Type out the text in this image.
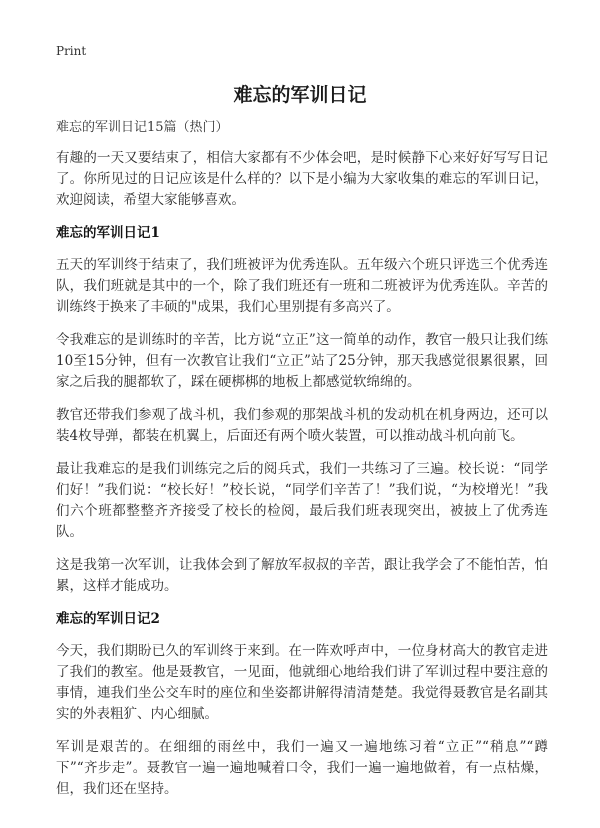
Print
难忘的军训日记
难忘的军训日记15篇（热门）

有趣的一天又要结束了，相信大家都有不少体会吧，是时候静下心来好好写写日记了。你所见过的日记应该是什么样的？以下是小编为大家收集的难忘的军训日记，欢迎阅读，希望大家能够喜欢。

难忘的军训日记1

五天的军训终于结束了，我们班被评为优秀连队。五年级六个班只评选三个优秀连队，我们班就是其中的一个，除了我们班还有一班和二班被评为优秀连队。辛苦的训练终于换来了丰硕的"成果，我们心里别提有多高兴了。

令我难忘的是训练时的辛苦，比方说“立正”这一简单的动作，教官一般只让我们练10至15分钟，但有一次教官让我们“立正”站了25分钟，那天我感觉很累很累，回家之后我的腿都软了，踩在硬梆梆的地板上都感觉软绵绵的。

教官还带我们参观了战斗机，我们参观的那架战斗机的发动机在机身两边，还可以装4枚导弹，都装在机翼上，后面还有两个喷火装置，可以推动战斗机向前飞。

最让我难忘的是我们训练完之后的阅兵式，我们一共练习了三遍。校长说：“同学们好！”我们说：“校长好！”校长说，“同学们辛苦了！”我们说，“为校增光！”我们六个班都整整齐齐接受了校长的检阅，最后我们班表现突出，被披上了优秀连队。

这是我第一次军训，让我体会到了解放军叔叔的辛苦，跟让我学会了不能怕苦，怕累，这样才能成功。

难忘的军训日记2

今天，我们期盼已久的军训终于来到。在一阵欢呼声中，一位身材高大的教官走进了我们的教室。他是聂教官，一见面，他就细心地给我们讲了军训过程中要注意的事情，連我们坐公交车时的座位和坐姿都讲解得清清楚楚。我觉得聂教官是名副其实的外表粗犷、内心细腻。

军训是艰苦的。在细细的雨丝中，我们一遍又一遍地练习着“立正”“稍息”“蹲下”“齐步走”。聂教官一遍一遍地喊着口令，我们一遍一遍地做着，有一点枯燥，但，我们还在坚持。
